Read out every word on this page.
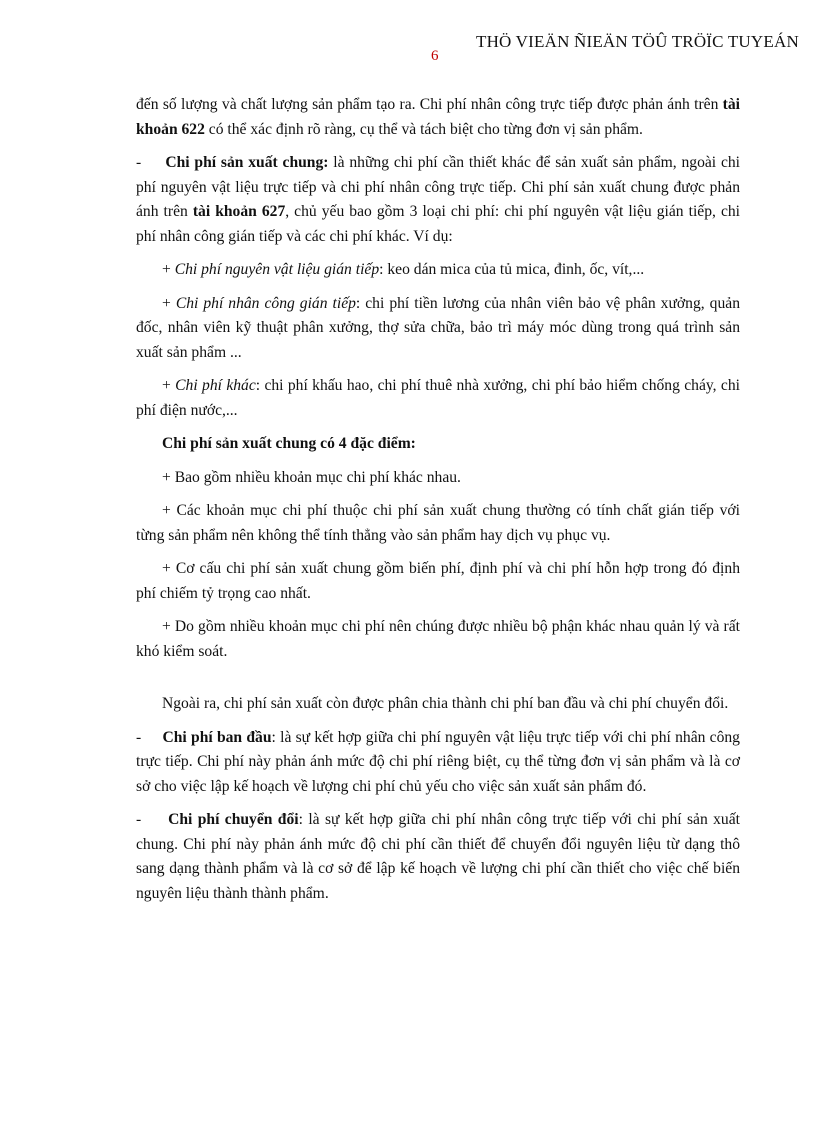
THÖ VIEÄN ÑIEÄN TÖÛ TRÖÏC TUYEÁN
6

đến số lượng và chất lượng sản phẩm tạo ra. Chi phí nhân công trực tiếp được phản ánh trên tài khoản 622 có thể xác định rõ ràng, cụ thể và tách biệt cho từng đơn vị sản phẩm.

- Chi phí sản xuất chung: là những chi phí cần thiết khác để sản xuất sản phẩm, ngoài chi phí nguyên vật liệu trực tiếp và chi phí nhân công trực tiếp. Chi phí sản xuất chung được phản ánh trên tài khoản 627, chủ yếu bao gồm 3 loại chi phí: chi phí nguyên vật liệu gián tiếp, chi phí nhân công gián tiếp và các chi phí khác. Ví dụ:

+ Chi phí nguyên vật liệu gián tiếp: keo dán mica của tủ mica, đinh, ốc, vít,...

+ Chi phí nhân công gián tiếp: chi phí tiền lương của nhân viên bảo vệ phân xưởng, quản đốc, nhân viên kỹ thuật phân xưởng, thợ sửa chữa, bảo trì máy móc dùng trong quá trình sản xuất sản phẩm ...

+ Chi phí khác: chi phí khấu hao, chi phí thuê nhà xưởng, chi phí bảo hiểm chống cháy, chi phí điện nước,...

Chi phí sản xuất chung có 4 đặc điểm:

+ Bao gồm nhiều khoản mục chi phí khác nhau.

+ Các khoản mục chi phí thuộc chi phí sản xuất chung thường có tính chất gián tiếp với từng sản phẩm nên không thể tính thẳng vào sản phẩm hay dịch vụ phục vụ.

+ Cơ cấu chi phí sản xuất chung gồm biến phí, định phí và chi phí hỗn hợp trong đó định phí chiếm tỷ trọng cao nhất.

+ Do gồm nhiều khoản mục chi phí nên chúng được nhiều bộ phận khác nhau quản lý và rất khó kiểm soát.

Ngoài ra, chi phí sản xuất còn được phân chia thành chi phí ban đầu và chi phí chuyển đổi.

- Chi phí ban đầu: là sự kết hợp giữa chi phí nguyên vật liệu trực tiếp với chi phí nhân công trực tiếp. Chi phí này phản ánh mức độ chi phí riêng biệt, cụ thể từng đơn vị sản phẩm và là cơ sở cho việc lập kế hoạch về lượng chi phí chủ yếu cho việc sản xuất sản phẩm đó.

- Chi phí chuyển đổi: là sự kết hợp giữa chi phí nhân công trực tiếp với chi phí sản xuất chung. Chi phí này phản ánh mức độ chi phí cần thiết để chuyển đổi nguyên liệu từ dạng thô sang dạng thành phẩm và là cơ sở để lập kế hoạch về lượng chi phí cần thiết cho việc chế biến nguyên liệu thành thành phẩm.
